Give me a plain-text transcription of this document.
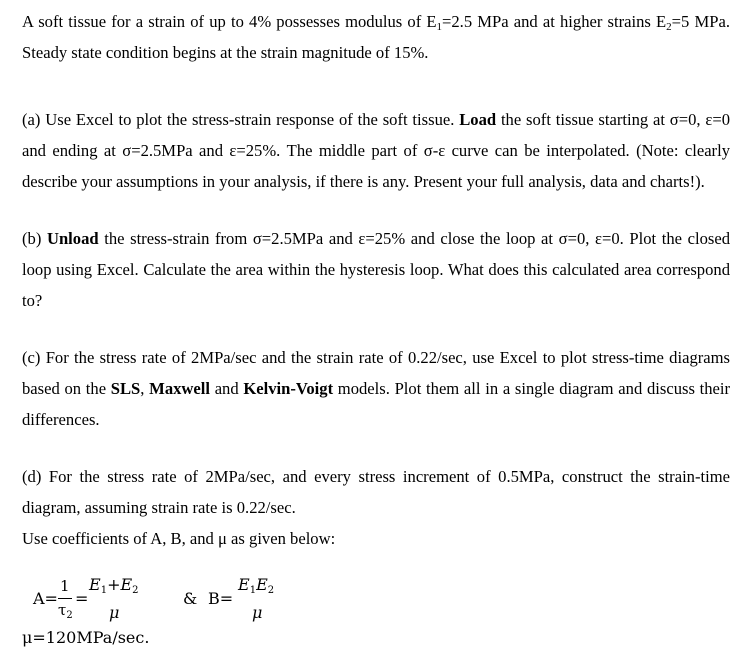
A soft tissue for a strain of up to 4% possesses modulus of $E_1=2.5$ MPa and at higher strains $E_2=5$ MPa. Steady state condition begins at the strain magnitude of 15%.

(a) Use Excel to plot the stress-strain response of the soft tissue. Load the soft tissue starting at σ=0, ε=0 and ending at σ=2.5MPa and ε=25%. The middle part of σ-ε curve can be interpolated. (Note: clearly describe your assumptions in your analysis, if there is any. Present your full analysis, data and charts!).

(b) Unload the stress-strain from σ=2.5MPa and ε=25% and close the loop at σ=0, ε=0. Plot the closed loop using Excel. Calculate the area within the hysteresis loop. What does this calculated area correspond to?

(c) For the stress rate of 2MPa/sec and the strain rate of 0.22/sec, use Excel to plot stress-time diagrams based on the SLS, Maxwell and Kelvin-Voigt models. Plot them all in a single diagram and discuss their differences.

(d) For the stress rate of 2MPa/sec, and every stress increment of 0.5MPa, construct the strain-time diagram, assuming strain rate is 0.22/sec.

Use coefficients of A, B, and μ as given below:

A=
1
$\tau_2$
=
E1+E2
μ
& B=
E1E2
μ
μ=120MPa/sec.
